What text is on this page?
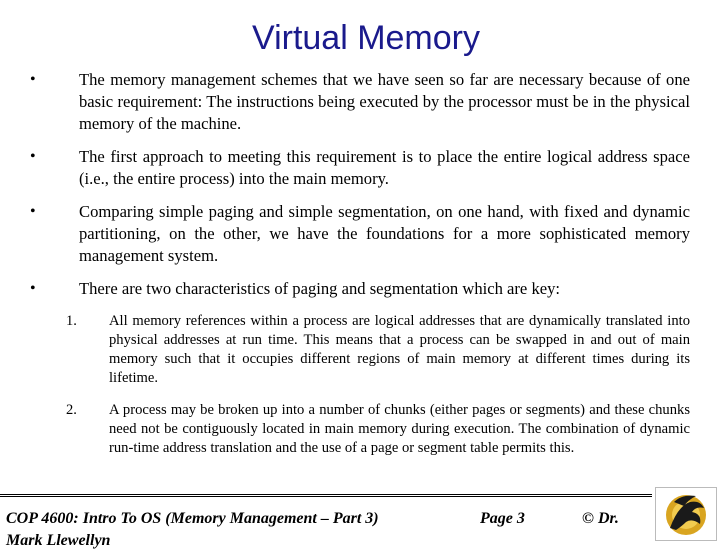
Virtual Memory
•	The memory management schemes that we have seen so far are necessary because of one basic requirement: The instructions being executed by the processor must be in the physical memory of the machine.
•	The first approach to meeting this requirement is to place the entire logical address space (i.e., the entire process) into the main memory.
•	Comparing simple paging and simple segmentation, on one hand, with fixed and dynamic partitioning, on the other, we have the foundations for a more sophisticated memory management system.
•	There are two characteristics of paging and segmentation which are key:
1. All memory references within a process are logical addresses that are dynamically translated into physical addresses at run time. This means that a process can be swapped in and out of main memory such that it occupies different regions of main memory at different times during its lifetime.
2. A process may be broken up into a number of chunks (either pages or segments) and these chunks need not be contiguously located in main memory during execution. The combination of dynamic run-time address translation and the use of a page or segment table permits this.
COP 4600: Intro To OS (Memory Management – Part 3)	Page 3	© Dr.
Mark Llewellyn
